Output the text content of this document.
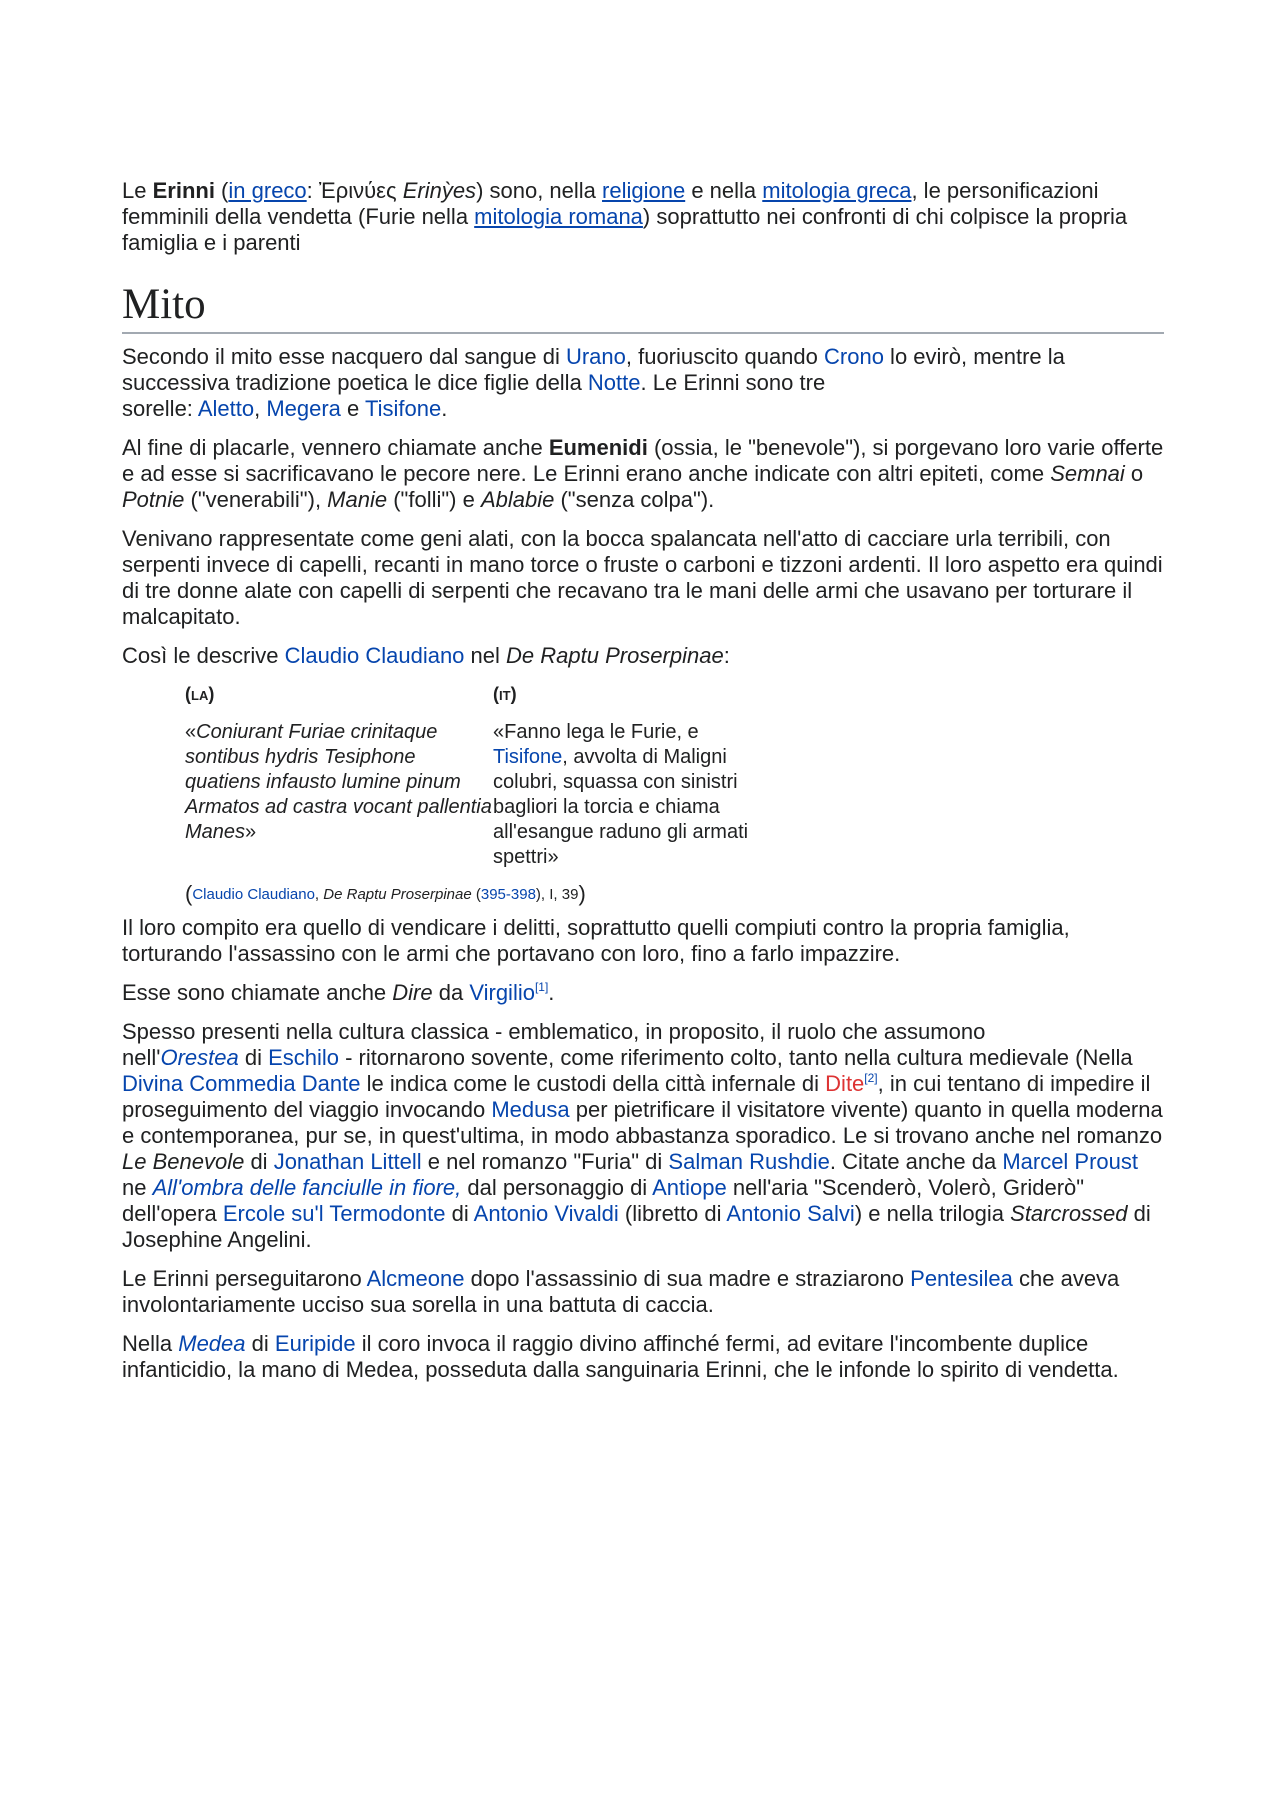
Le Erinni (in greco: Ἐρινύες Erinỳes) sono, nella religione e nella mitologia greca, le personificazioni femminili della vendetta (Furie nella mitologia romana) soprattutto nei confronti di chi colpisce la propria famiglia e i parenti

Mito

Secondo il mito esse nacquero dal sangue di Urano, fuoriuscito quando Crono lo evirò, mentre la successiva tradizione poetica le dice figlie della Notte. Le Erinni sono tre
sorelle: Aletto, Megera e Tisifone.

Al fine di placarle, vennero chiamate anche Eumenidi (ossia, le "benevole"), si porgevano loro varie offerte e ad esse si sacrificavano le pecore nere. Le Erinni erano anche indicate con altri epiteti, come Semnai o Potnie ("venerabili"), Manie ("folli") e Ablabie ("senza colpa").

Venivano rappresentate come geni alati, con la bocca spalancata nell'atto di cacciare urla terribili, con serpenti invece di capelli, recanti in mano torce o fruste o carboni e tizzoni ardenti. Il loro aspetto era quindi di tre donne alate con capelli di serpenti che recavano tra le mani delle armi che usavano per torturare il malcapitato.

Così le descrive Claudio Claudiano nel De Raptu Proserpinae:

(LA)
«Coniurant Furiae crinitaque sontibus hydris Tesiphone quatiens infausto lumine pinum Armatos ad castra vocant pallentia Manes»
(IT)
«Fanno lega le Furie, e Tisifone, avvolta di Maligni colubri, squassa con sinistri bagliori la torcia e chiama all'esangue raduno gli armati spettri»
(Claudio Claudiano, De Raptu Proserpinae (395-398), I, 39)

Il loro compito era quello di vendicare i delitti, soprattutto quelli compiuti contro la propria famiglia, torturando l'assassino con le armi che portavano con loro, fino a farlo impazzire.

Esse sono chiamate anche Dire da Virgilio[1].

Spesso presenti nella cultura classica - emblematico, in proposito, il ruolo che assumono
nell'Orestea di Eschilo - ritornarono sovente, come riferimento colto, tanto nella cultura medievale (Nella Divina Commedia Dante le indica come le custodi della città infernale di Dite[2], in cui tentano di impedire il proseguimento del viaggio invocando Medusa per pietrificare il visitatore vivente) quanto in quella moderna e contemporanea, pur se, in quest'ultima, in modo abbastanza sporadico. Le si trovano anche nel romanzo Le Benevole di Jonathan Littell e nel romanzo "Furia" di Salman Rushdie. Citate anche da Marcel Proust ne All'ombra delle fanciulle in fiore, dal personaggio di Antiope nell'aria "Scenderò, Volerò, Griderò" dell'opera Ercole su'l Termodonte di Antonio Vivaldi (libretto di Antonio Salvi) e nella trilogia Starcrossed di Josephine Angelini.

Le Erinni perseguitarono Alcmeone dopo l'assassinio di sua madre e straziarono Pentesilea che aveva involontariamente ucciso sua sorella in una battuta di caccia.

Nella Medea di Euripide il coro invoca il raggio divino affinché fermi, ad evitare l'incombente duplice infanticidio, la mano di Medea, posseduta dalla sanguinaria Erinni, che le infonde lo spirito di vendetta.
